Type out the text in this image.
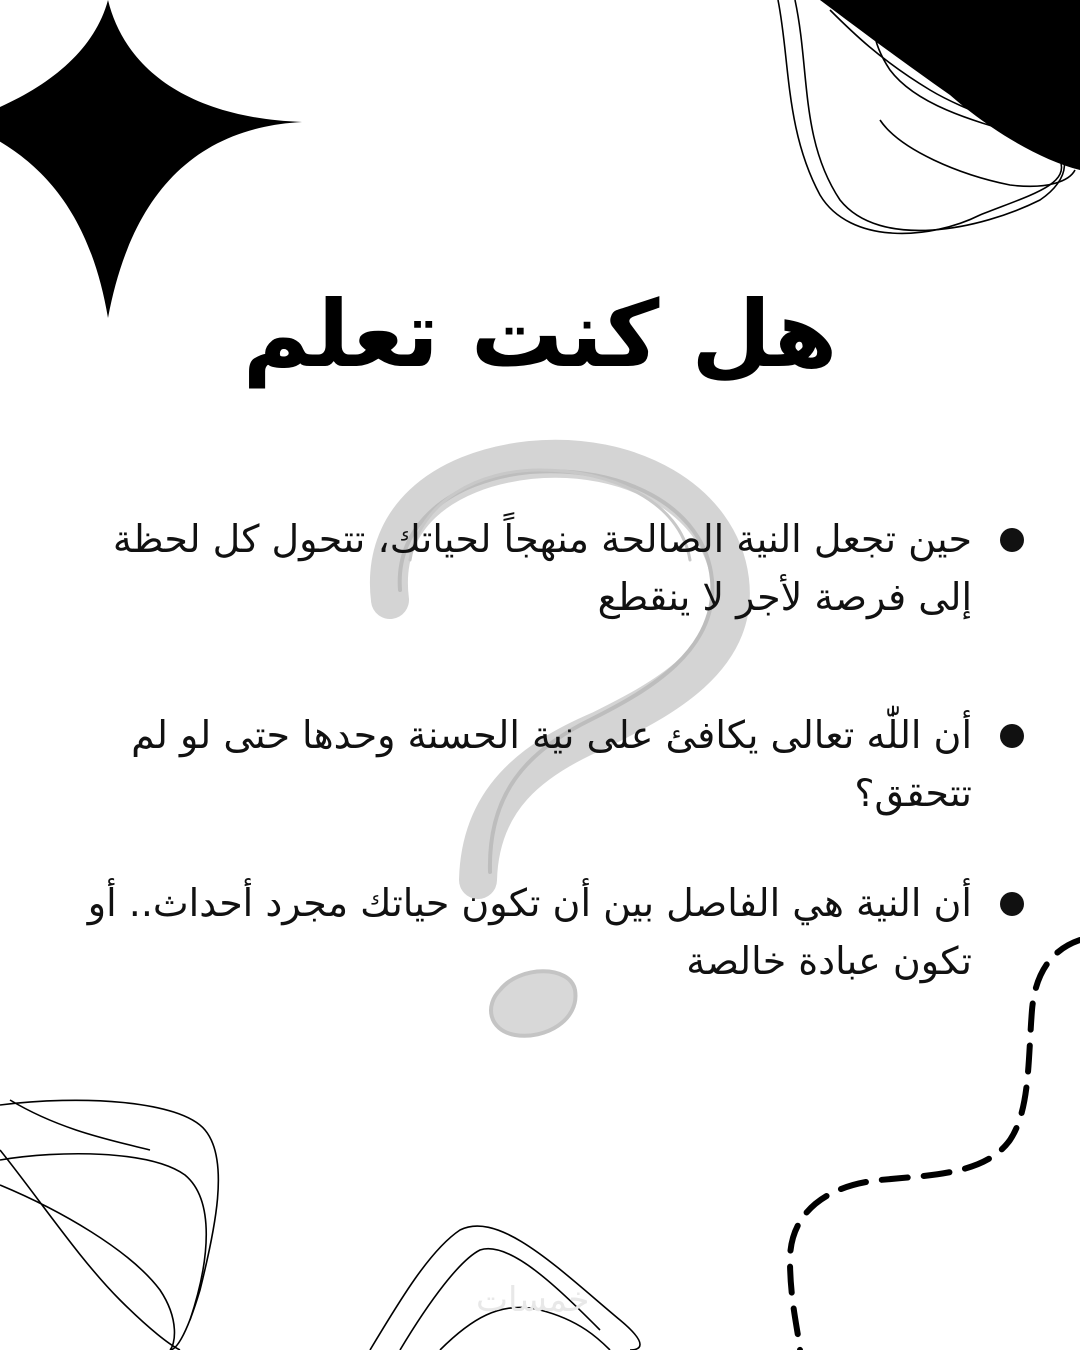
هل كنت تعلم
حين تجعل النية الصالحة منهجاً لحياتك، تتحول كل لحظة إلى فرصة لأجر لا ينقطع
أن اللّٰه تعالى يكافئ على نية الحسنة وحدها حتى لو لم تتحقق؟
أن النية هي الفاصل بين أن تكون حياتك مجرد أحداث.. أو تكون عبادة خالصة
خمسات
